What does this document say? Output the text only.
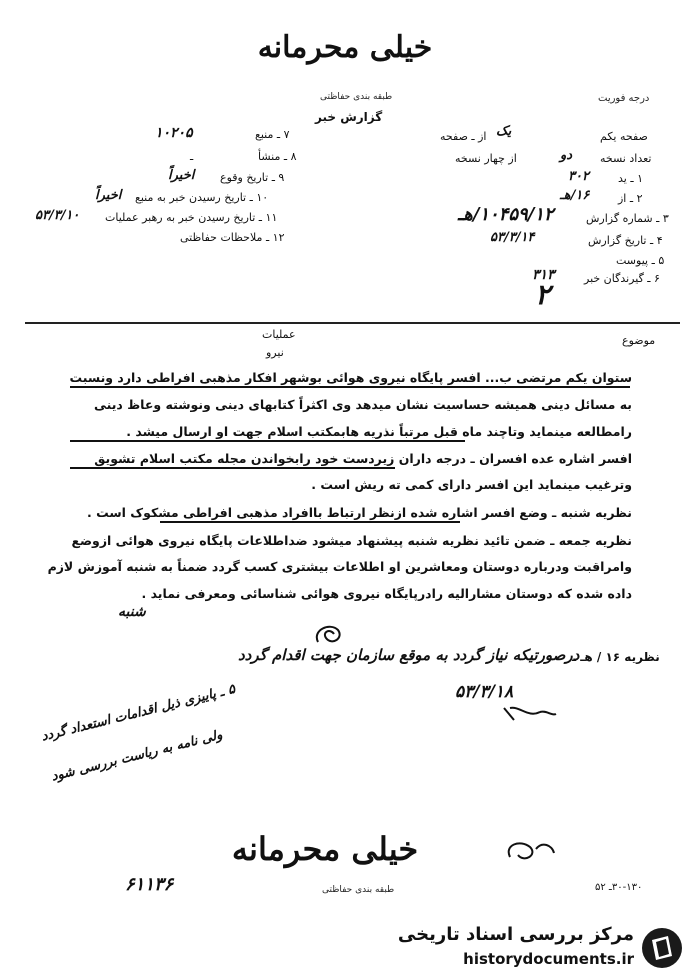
خيلی محرمانه
طبقه بندی حفاظتی	درجه فوریت
گزارش خبر
۷ ـ منبع
۱۰۲۰۵
۸ ـ منشأ
ـ
۹ ـ تاریخ وقوع
اخیراً
۱۰ ـ تاریخ رسیدن خبر به منبع
اخیراً
۱۱ ـ تاریخ رسیدن خبر به رهبر عملیات
۵۳/۳/۱۰
۱۲ ـ ملاحظات حفاظتی
صفحه یکم
یک
از ـ صفحه
تعداد نسخه
دو
از چهار نسخه
۱ ـ ید
۳۰۲
۲ ـ از
۱۶/هـ
۳ ـ شماره گزارش
۱۰۴۵۹/۱۲/هـ
۴ ـ تاریخ گزارش
۵۳/۳/۱۴
۵ ـ پیوست
۶ ـ گیرندگان خبر
۳۱۳
۲
موضوع
عملیات
نیرو
ستوان یکم مرتضی ب... افسر پایگاه نیروی هوائی بوشهر افکار مذهبی افراطی دارد ونسبت
به مسائل دینی همیشه حساسیت نشان میدهد وی اکثراً کتابهای دینی ونوشته وعاظ دینی
رامطالعه مینماید وتاچند ماه قبل مرتباً نذریه هابمکتب اسلام جهت او ارسال میشد .
افسر اشاره عده افسران ـ درجه داران زیردست خود رابخواندن مجله مکتب اسلام تشویق
وترغیب مینماید این افسر دارای کمی ته ریش است .
نظریه شنبه ـ وضع افسر اشاره شده ازنظر ارتباط باافراد مذهبی افراطی مشکوک است .
نظریه جمعه ـ ضمن تائید نظریه شنبه پیشنهاد میشود ضداطلاعات پایگاه نیروی هوائی ازوضع
وامراقبت ودرباره دوستان ومعاشرین او اطلاعات بیشتری کسب گردد ضمناً به شنبه آموزش لازم
داده شده که دوستان مشارالیه رادرپایگاه نیروی هوائی شناسائی ومعرفی نماید .
شنبه
نظریه ۱۶ / هـ ـ
درصورتیکه نیاز گردد به موقع سازمان جهت اقدام گردد
۵۳/۳/۱۸
۵ ـ پاییزی ذیل اقدامات استعداد گردد
ولی نامه به ریاست بررسی شود
خيلی محرمانه
طبقه بندی حفاظتی
۶۱۱۳۶	۳۰-۱۳۰ـ ۵۲
مرکز بررسی اسناد تاریخی
historydocuments.ir
